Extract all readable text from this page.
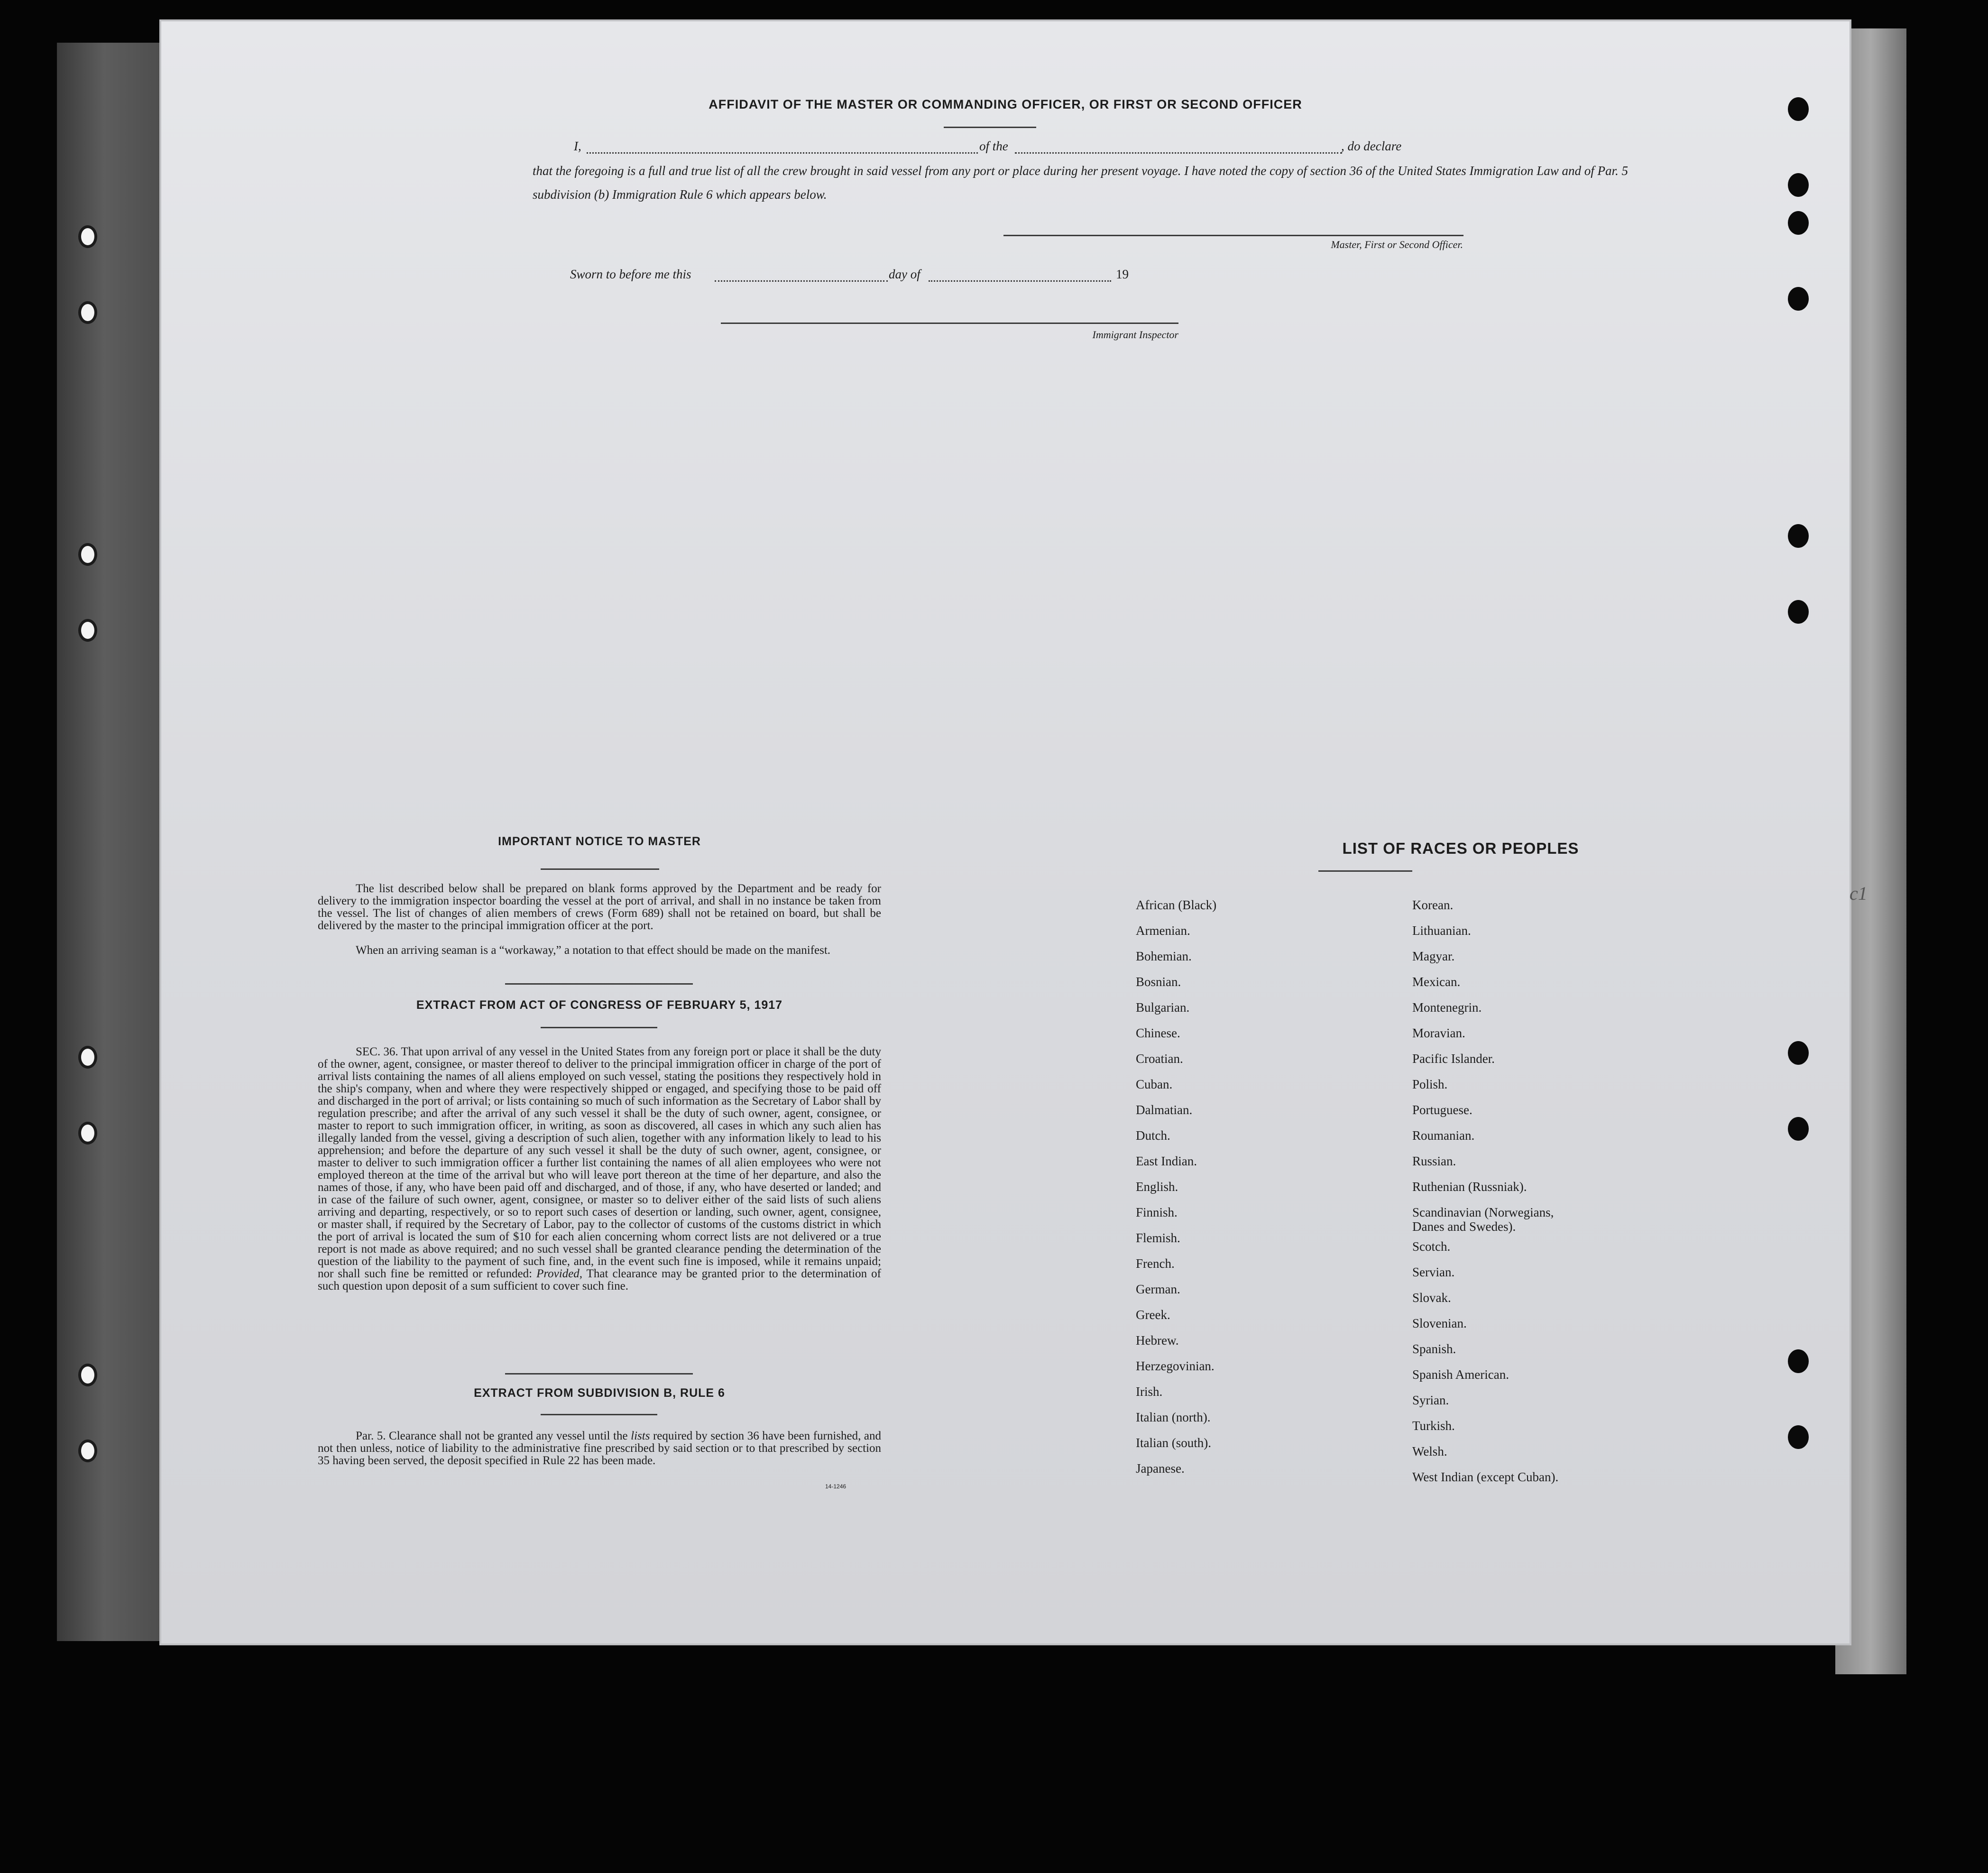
AFFIDAVIT OF THE MASTER OR COMMANDING OFFICER, OR FIRST OR SECOND OFFICER
I,	of the	, do declare
that the foregoing is a full and true list of all the crew brought in said vessel from any port or place during her present voyage. I have noted the copy of section 36 of the United States Immigration Law and of Par. 5 subdivision (b) Immigration Rule 6 which appears below.
Master, First or Second Officer.
Sworn to before me this	day of	19
Immigrant Inspector
IMPORTANT NOTICE TO MASTER
The list described below shall be prepared on blank forms approved by the Department and be ready for delivery to the immigration inspector boarding the vessel at the port of arrival, and shall in no instance be taken from the vessel. The list of changes of alien members of crews (Form 689) shall not be retained on board, but shall be delivered by the master to the principal immigration officer at the port.
When an arriving seaman is a “workaway,” a notation to that effect should be made on the manifest.
EXTRACT FROM ACT OF CONGRESS OF FEBRUARY 5, 1917
SEC. 36. That upon arrival of any vessel in the United States from any foreign port or place it shall be the duty of the owner, agent, consignee, or master thereof to deliver to the principal immigration officer in charge of the port of arrival lists containing the names of all aliens employed on such vessel, stating the positions they respectively hold in the ship's company, when and where they were respectively shipped or engaged, and specifying those to be paid off and discharged in the port of arrival; or lists containing so much of such information as the Secretary of Labor shall by regulation prescribe; and after the arrival of any such vessel it shall be the duty of such owner, agent, consignee, or master to report to such immigration officer, in writing, as soon as discovered, all cases in which any such alien has illegally landed from the vessel, giving a description of such alien, together with any information likely to lead to his apprehension; and before the departure of any such vessel it shall be the duty of such owner, agent, consignee, or master to deliver to such immigration officer a further list containing the names of all alien employees who were not employed thereon at the time of the arrival but who will leave port thereon at the time of her departure, and also the names of those, if any, who have been paid off and discharged, and of those, if any, who have deserted or landed; and in case of the failure of such owner, agent, consignee, or master so to deliver either of the said lists of such aliens arriving and departing, respectively, or so to report such cases of desertion or landing, such owner, agent, consignee, or master shall, if required by the Secretary of Labor, pay to the collector of customs of the customs district in which the port of arrival is located the sum of $10 for each alien concerning whom correct lists are not delivered or a true report is not made as above required; and no such vessel shall be granted clearance pending the determination of the question of the liability to the payment of such fine, and, in the event such fine is imposed, while it remains unpaid; nor shall such fine be remitted or refunded: Provided, That clearance may be granted prior to the determination of such question upon deposit of a sum sufficient to cover such fine.
EXTRACT FROM SUBDIVISION B, RULE 6
Par. 5. Clearance shall not be granted any vessel until the lists required by section 36 have been furnished, and not then unless, notice of liability to the administrative fine prescribed by said section or to that prescribed by section 35 having been served, the deposit specified in Rule 22 has been made.
14-1246
LIST OF RACES OR PEOPLES
African (Black)
Armenian.
Bohemian.
Bosnian.
Bulgarian.
Chinese.
Croatian.
Cuban.
Dalmatian.
Dutch.
East Indian.
English.
Finnish.
Flemish.
French.
German.
Greek.
Hebrew.
Herzegovinian.
Irish.
Italian (north).
Italian (south).
Japanese.
Korean.
Lithuanian.
Magyar.
Mexican.
Montenegrin.
Moravian.
Pacific Islander.
Polish.
Portuguese.
Roumanian.
Russian.
Ruthenian (Russniak).
Scandinavian (Norwegians,
Danes and Swedes).
Scotch.
Servian.
Slovak.
Slovenian.
Spanish.
Spanish American.
Syrian.
Turkish.
Welsh.
West Indian (except Cuban).
c1
